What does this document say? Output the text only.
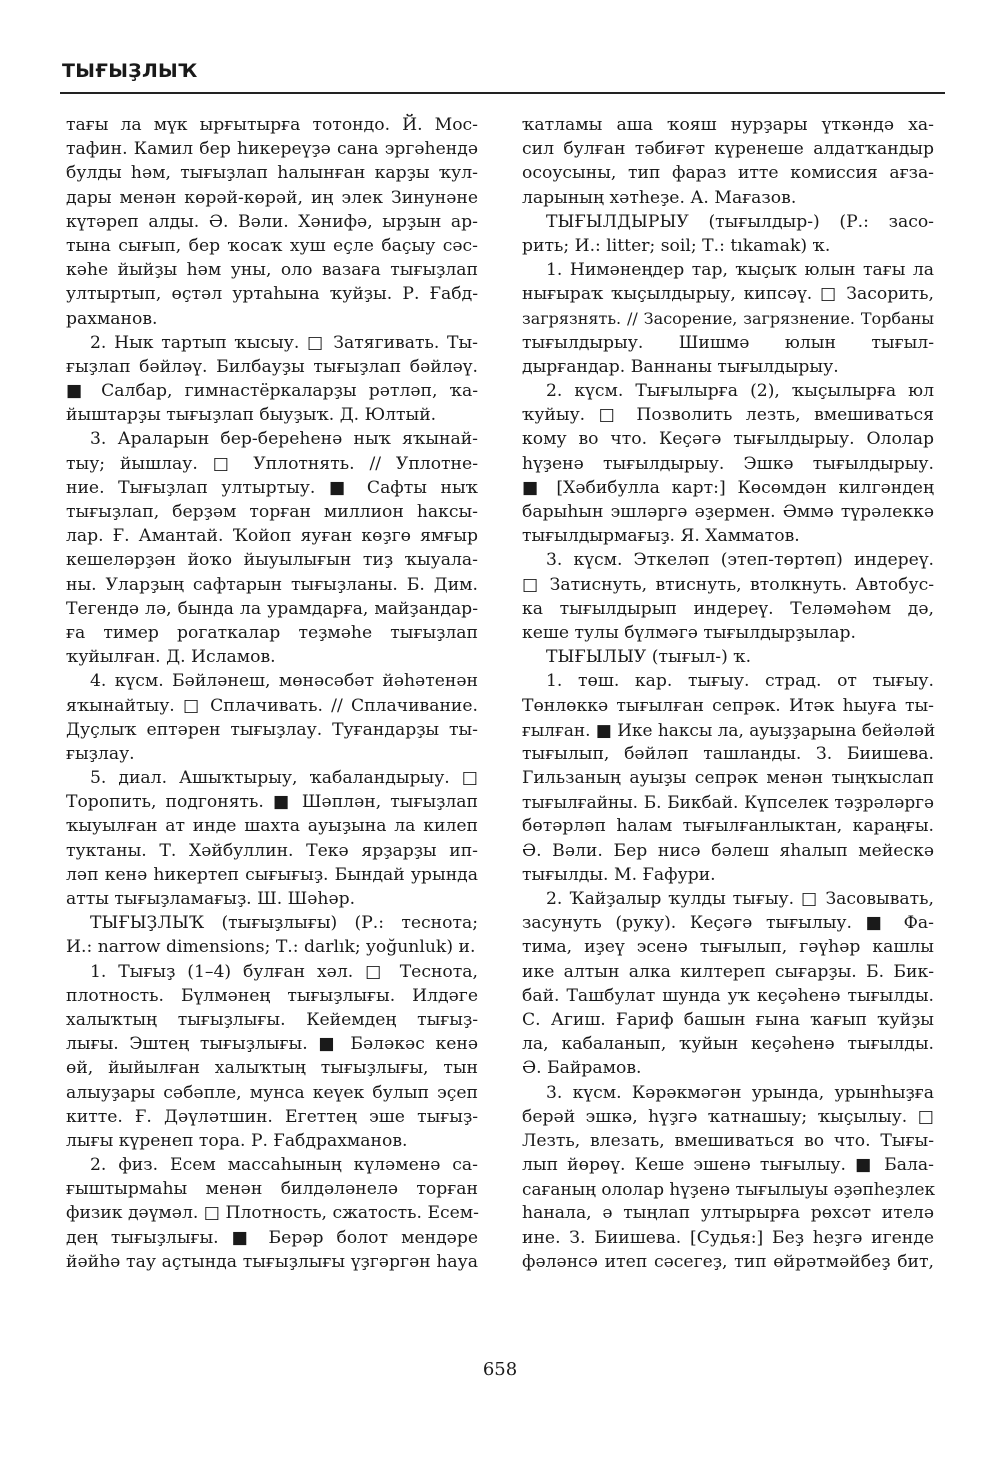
ТЫҒЫҘЛЫҠ
тағы ла мүк ырғытырға тотондо. Й. Мос-
тафин. Камил бер һикереүҙә сана эргәһендә
булды һәм, тығыҙлап һалынған карҙы ҡул-
дары менән көрәй-көрәй, иң элек Зинунәне
күтәреп алды. Ә. Вәли. Хәнифә, ырҙын ар-
тына сығып, бер ҡосаҡ хуш еҫле баҫыу сәс-
кәһе йыйҙы һәм уны, оло вазаға тығыҙлап
ултыртып, өҫтәл уртаһына ҡуйҙы. Р. Ғабд-
рахманов.
2. Нык тартып ҡысыу. □ Затягивать. Ты-
ғыҙлап бәйләү. Билбауҙы тығыҙлап бәйләү.
■ Салбар, гимнастёркаларҙы рәтләп, ҡа-
йыштарҙы тығыҙлап быуҙыҡ. Д. Юлтый.
3. Араларын бер-береһенә ныҡ яҡынай-
тыу; йышлау. □ Уплотнять. // Уплотне-
ние. Тығыҙлап ултыртыу. ■ Сафты ныҡ
тығыҙлап, берҙәм торған миллион һаксы-
лар. Ғ. Амантай. Ҡойоп яуған көҙгө ямғыр
кешеләрҙән йоҡо йыуылығын тиҙ ҡыуала-
ны. Уларҙың сафтарын тығыҙланы. Б. Дим.
Тегендә лә, бында ла урамдарға, майҙандар-
ға тимер рогаткалар теҙмәһе тығыҙлап
ҡуйылған. Д. Исламов.
4. күсм. Бәйләнеш, мөнәсәбәт йәһәтенән
яҡынайтыу. □ Сплачивать. // Сплачивание.
Дуҫлыҡ ептәрен тығыҙлау. Туғандарҙы ты-
ғыҙлау.
5. диал. Ашыҡтырыу, ҡабаландырыу. □
Торопить, подгонять. ■ Шәплән, тығыҙлап
ҡыуылған ат инде шахта ауыҙына ла килеп
туктаны. Т. Хәйбуллин. Текә ярҙарҙы ип-
ләп кенә һикертеп сығығыҙ. Бындай урында
атты тығыҙламағыҙ. Ш. Шәһәр.
ТЫҒЫҘЛЫҠ (тығыҙлығы) (Р.: теснота;
И.: narrow dimensions; Т.: darlık; yoğunluk) и.
1. Тығыҙ (1–4) булған хәл. □ Теснота,
плотность. Бүлмәнең тығыҙлығы. Илдәге
халыҡтың тығыҙлығы. Кейемдең тығыҙ-
лығы. Эштең тығыҙлығы. ■ Бәләкәс кенә
өй, йыйылған халыҡтың тығыҙлығы, тын
алыуҙары сәбәпле, мунса кеүек булып эҫеп
китте. Ғ. Дәүләтшин. Егеттең эше тығыҙ-
лығы күренеп тора. Р. Ғабдрахманов.
2. физ. Есем массаһының күләменә са-
ғыштырмаһы менән билдәләнелә торған
физик дәүмәл. □ Плотность, сжатость. Есем-
дең тығыҙлығы. ■ Берәр болот мендәре
йәйһә тау аҫтында тығыҙлығы үҙгәргән һауа
ҡатламы аша ҡояш нурҙары үткәндә ха-
сил булған тәбиғәт күренеше алдатҡандыр
осоусыны, тип фараз итте комиссия ағза-
ларының хәтһеҙе. А. Мағазов.
ТЫҒЫЛДЫРЫУ (тығылдыр-) (Р.: засо-
рить; И.: litter; soil; Т.: tıkamak) ҡ.
1. Нимәнеңдер тар, ҡыҫыҡ юлын тағы ла
нығыраҡ ҡыҫылдырыу, кипсәү. □ Засорить,
загрязнять. // Засорение, загрязнение. Торбаны
тығылдырыу. Шишмә юлын тығыл-
дырғандар. Ваннаны тығылдырыу.
2. күсм. Тығылырға (2), ҡыҫылырға юл
ҡуйыу. □ Позволить лезть, вмешиваться
кому во что. Кеҫәгә тығылдырыу. Ололар
һүҙенә тығылдырыу. Эшкә тығылдырыу.
■ [Хәбибулла карт:] Көсөмдән килгәндең
барыһын эшләргә әҙермен. Әммә түрәлеккә
тығылдырмағыҙ. Я. Хамматов.
3. күсм. Эткеләп (этеп-төртөп) индереү.
□ Затиснуть, втиснуть, втолкнуть. Автобус-
ка тығылдырып индереү. Теләмәһәм дә,
кеше тулы бүлмәгә тығылдырҙылар.
ТЫҒЫЛЫУ (тығыл-) ҡ.
1. төш. кар. тығыу. страд. от тығыу.
Төнлөккә тығылған сепрәк. Итәк һыуға ты-
ғылған. ■ Ике һаксы ла, ауыҙҙарына бейәләй
тығылып, бәйләп ташланды. З. Биишева.
Гильзаның ауыҙы сепрәк менән тыңҡыслап
тығылғайны. Б. Бикбай. Күпселек тәҙрәләргә
бөтәрләп һалам тығылғанлыктан, караңғы.
Ә. Вәли. Бер нисә бәлеш яһалып мейескә
тығылды. М. Ғафури.
2. Ҡайҙалыр ҡулды тығыу. □ Засовывать,
засунуть (руку). Кеҫәгә тығылыу. ■ Фа-
тима, иҙеү эсенә тығылып, гәүһәр кашлы
ике алтын алка килтереп сығарҙы. Б. Бик-
бай. Ташбулат шунда уҡ кеҫәһенә тығылды.
С. Агиш. Ғариф башын ғына ҡағып ҡуйҙы
ла, кабаланып, ҡуйын кеҫәһенә тығылды.
Ә. Байрамов.
3. күсм. Кәрәкмәгән урында, урынһыҙға
берәй эшкә, һүҙгә ҡатнашыу; ҡыҫылыу. □
Лезть, влезать, вмешиваться во что. Тығы-
лып йөрөү. Кеше эшенә тығылыу. ■ Бала-
сағаның ололар һүҙенә тығылыуы әҙәпһеҙлек
һанала, ә тыңлап ултырырға рөхсәт ителә
ине. З. Биишева. [Судья:] Беҙ һеҙгә игенде
фәләнсә итеп сәсегеҙ, тип өйрәтмәйбеҙ бит,
658
